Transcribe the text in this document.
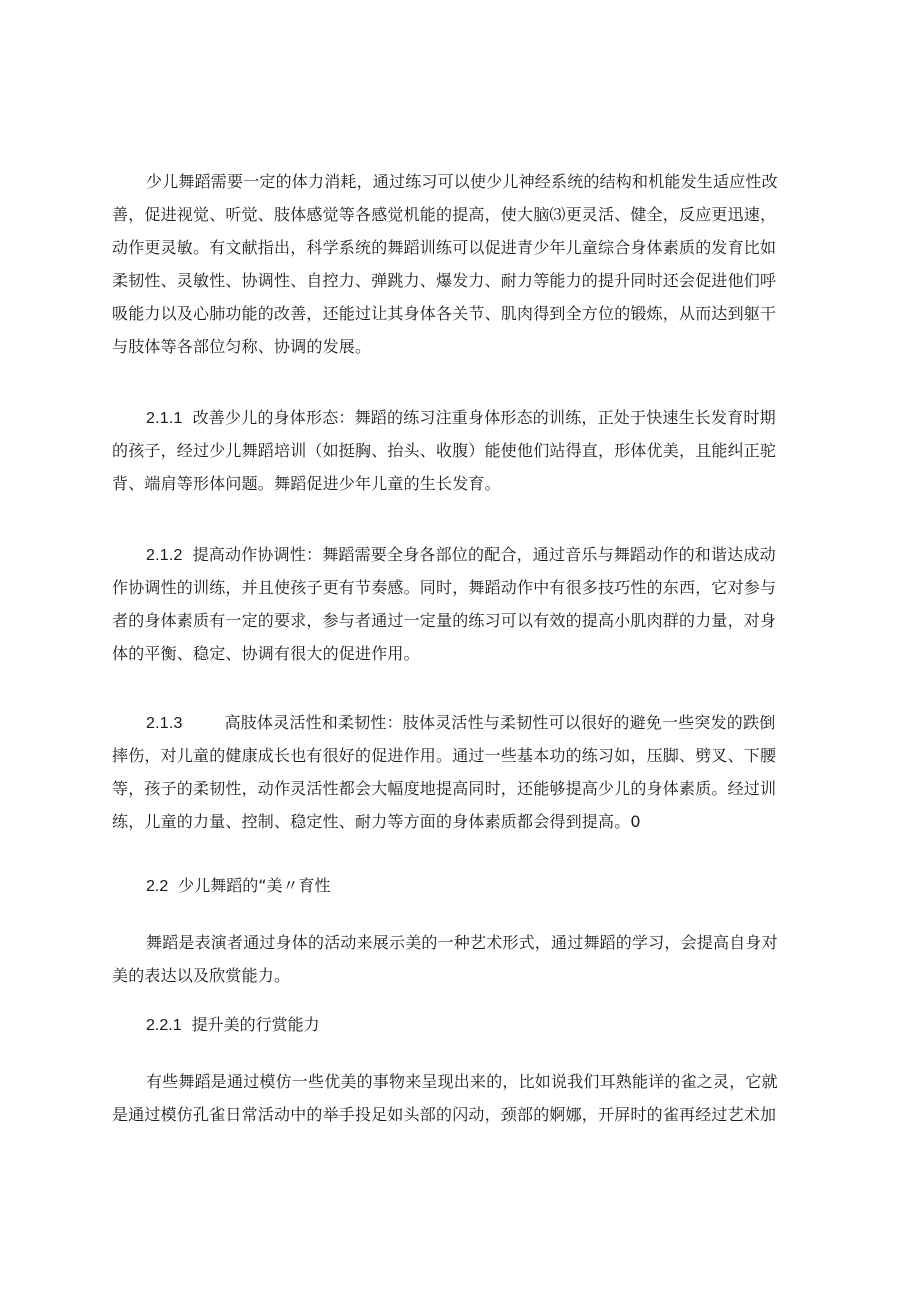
少儿舞蹈需要一定的体力消耗，通过练习可以使少儿神经系统的结构和机能发生适应性改
善，促进视觉、听觉、肢体感觉等各感觉机能的提高，使大脑⑶更灵活、健全，反应更迅速，
动作更灵敏。有文献指出，科学系统的舞蹈训练可以促进青少年儿童综合身体素质的发育比如
柔韧性、灵敏性、协调性、自控力、弹跳力、爆发力、耐力等能力的提升同时还会促进他们呼
吸能力以及心肺功能的改善，还能过让其身体各关节、肌肉得到全方位的锻炼，从而达到躯干
与肢体等各部位匀称、协调的发展。
2.1.1 改善少儿的身体形态：舞蹈的练习注重身体形态的训练，正处于快速生长发育时期
的孩子，经过少儿舞蹈培训（如挺胸、抬头、收腹）能使他们站得直，形体优美，且能纠正驼
背、端肩等形体问题。舞蹈促进少年儿童的生长发育。
2.1.2 提高动作协调性：舞蹈需要全身各部位的配合，通过音乐与舞蹈动作的和谐达成动
作协调性的训练，并且使孩子更有节奏感。同时，舞蹈动作中有很多技巧性的东西，它对参与
者的身体素质有一定的要求，参与者通过一定量的练习可以有效的提高小肌肉群的力量，对身
体的平衡、稳定、协调有很大的促进作用。
2.1.3	高肢体灵活性和柔韧性：肢体灵活性与柔韧性可以很好的避免一些突发的跌倒
摔伤，对儿童的健康成长也有很好的促进作用。通过一些基本功的练习如，压脚、劈叉、下腰
等，孩子的柔韧性，动作灵活性都会大幅度地提高同时，还能够提高少儿的身体素质。经过训
练，儿童的力量、控制、稳定性、耐力等方面的身体素质都会得到提高。0
2.2 少儿舞蹈的“美〃育性
舞蹈是表演者通过身体的活动来展示美的一种艺术形式，通过舞蹈的学习，会提高自身对
美的表达以及欣赏能力。
2.2.1 提升美的行赏能力
有些舞蹈是通过模仿一些优美的事物来呈现出来的，比如说我们耳熟能详的雀之灵，它就
是通过模仿孔雀日常活动中的举手投足如头部的闪动，颈部的婀娜，开屏时的雀再经过艺术加
